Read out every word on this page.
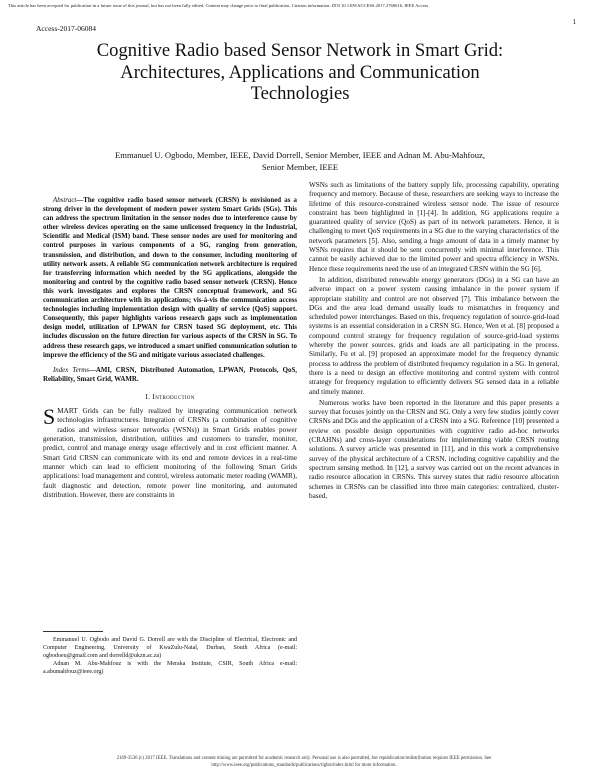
This article has been accepted for publication in a future issue of this journal, but has not been fully edited. Content may change prior to final publication. Citation information: DOI 10.1109/ACCESS.2017.2769616, IEEE Access
1
Access-2017-06084
Cognitive Radio based Sensor Network in Smart Grid:
Architectures, Applications and Communication
Technologies
Emmanuel U. Ogbodo, Member, IEEE, David Dorrell, Senior Member, IEEE and Adnan M. Abu-Mahfouz,
Senior Member, IEEE

Abstract—The cognitive radio based sensor network (CRSN) is envisioned as a strong driver in the development of modern power system Smart Grids (SGs). This can address the spectrum limitation in the sensor nodes due to interference cause by other wireless devices operating on the same unlicensed frequency in the Industrial, Scientific and Medical (ISM) band. These sensor nodes are used for monitoring and control purposes in various components of a SG, ranging from generation, transmission, and distribution, and down to the consumer, including monitoring of utility network assets. A reliable SG communication network architecture is required for transferring information which needed by the SG applications, alongside the monitoring and control by the cognitive radio based sensor network (CRSN). Hence this work investigates and explores the CRSN conceptual framework, and SG communication architecture with its applications; vis-à-vis the communication access technologies including implementation design with quality of service (QoS) support. Consequently, this paper highlights various research gaps such as implementation design model, utilization of LPWAN for CRSN based SG deployment, etc. This includes discussion on the future direction for various aspects of the CRSN in SG. To address these research gaps, we introduced a smart unified communication solution to improve the efficiency of the SG and mitigate various associated challenges.

Index Terms—AMI, CRSN, Distributed Automation, LPWAN, Protocols, QoS, Reliability, Smart Grid, WAMR.

I. Introduction

SMART Grids can be fully realized by integrating communication network technologies infrastructures. Integration of CRSNs (a combination of cognitive radios and wireless sensor networks (WSNs)) in Smart Grids enables power generation, transmission, distribution, utilities and customers to transfer, monitor, predict, control and manage energy usage effectively and in cost efficient manner. A Smart Grid CRSN can communicate with its end and remote devices in a real-time manner which can lead to efficient monitoring of the following Smart Grids applications: load management and control, wireless automatic meter reading (WAMR), fault diagnostic and detection, remote power line monitoring, and automated distribution. However, there are constraints in

Emmanuel U. Ogbodo and David G. Dorrell are with the Discipline of Electrical, Electronic and Computer Engineering, University of KwaZulu-Natal, Durban, South Africa (e-mail: ogbodoeu@gmail.com and dorrelld@ukzn.ac.za)

Adnan M. Abu-Mahfouz is with the Meraka Institute, CSIR, South Africa e-mail: a.abumahfouz@ieee.org)

WSNs such as limitations of the battery supply life, processing capability, operating frequency and memory. Because of these, researchers are seeking ways to increase the lifetime of this resource-constrained wireless sensor node. The issue of resource constraint has been highlighted in [1]-[4]. In addition, SG applications require a guaranteed quality of service (QoS) as part of its network parameters. Hence, it is challenging to meet QoS requirements in a SG due to the varying characteristics of the network parameters [5]. Also, sending a huge amount of data in a timely manner by WSNs requires that it should be sent concurrently with minimal interference. This cannot be easily achieved due to the limited power and spectra efficiency in WSNs. Hence these requirements need the use of an integrated CRSN within the SG [6].

In addition, distributed renewable energy generators (DGs) in a SG can have an adverse impact on a power system causing imbalance in the power system if appropriate stability and control are not observed [7]. This imbalance between the DGs and the area load demand usually leads to mismatches in frequency and scheduled power interchanges. Based on this, frequency regulation of source-grid-load systems is an essential consideration in a CRSN SG. Hence, Wen et al. [8] proposed a compound control strategy for frequency regulation of source-grid-load systems whereby the power sources, grids and loads are all participating in the process. Similarly, Fu et al. [9] proposed an approximate model for the frequency dynamic process to address the problem of distributed frequency regulation in a SG. In general, there is a need to design an effective monitoring and control system with control strategy for frequency regulation to efficiently delivers SG sensed data in a reliable and timely manner.

Numerous works have been reported in the literature and this paper presents a survey that focuses jointly on the CRSN and SG. Only a very few studies jointly cover CRSNs and DGs and the application of a CRSN into a SG. Reference [10] presented a review on possible design opportunities with cognitive radio ad-hoc networks (CRAHNs) and cross-layer considerations for implementing viable CRSN routing solutions. A survey article was presented in [11], and in this work a comprehensive survey of the physical architecture of a CRSN, including cognitive capability and the spectrum sensing method. In [12], a survey was carried out on the recent advances in radio resource allocation in CRSNs. This survey states that radio resource allocation schemes in CRSNs can be classified into three main categories: centralized, cluster-based,

2169-3536 (c) 2017 IEEE. Translations and content mining are permitted for academic research only. Personal use is also permitted, but republication/redistribution requires IEEE permission. See
http://www.ieee.org/publications_standards/publications/rights/index.html for more information.
